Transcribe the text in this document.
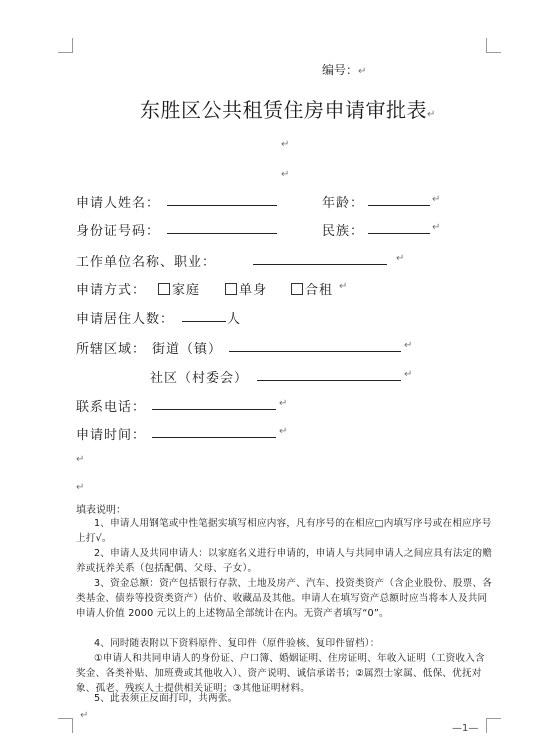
编号：↵
东胜区公共租赁住房申请审批表↵
↵
↵
申请人姓名：	年龄：	↵
身份证号码：	民族：	↵
工作单位名称、职业：	↵
申请方式：	家庭	单身	合租 ↵
申请居住人数：	人
所辖区域： 街道（镇）	↵
社区（村委会）	↵
联系电话：	↵
申请时间：	↵
↵
↵
填表说明：
1、申请人用钢笔或中性笔据实填写相应内容，凡有序号的在相应□内填写序号或在相应序号上打√。
2、申请人及共同申请人：以家庭名义进行申请的，申请人与共同申请人之间应具有法定的赡养或抚养关系（包括配偶、父母、子女）。
3、资金总额：资产包括银行存款、土地及房产、汽车、投资类资产（含企业股份、股票、各类基金、债券等投资类资产）估价、收藏品及其他。申请人在填写资产总额时应当将本人及共同申请人价值 2000 元以上的上述物品全部统计在内。无资产者填写“0”。
4、同时随表附以下资料原件、复印件（原件验核、复印件留档）：
①申请人和共同申请人的身份证、户口簿、婚姻证明、住房证明、年收入证明（工资收入含奖金、各类补贴、加班费或其他收入）、资产说明、诚信承诺书；②属烈士家属、低保、优抚对象、孤老、残疾人士提供相关证明；③其他证明材料。
5、此表须正反面打印，共两张。
↵
—1—
